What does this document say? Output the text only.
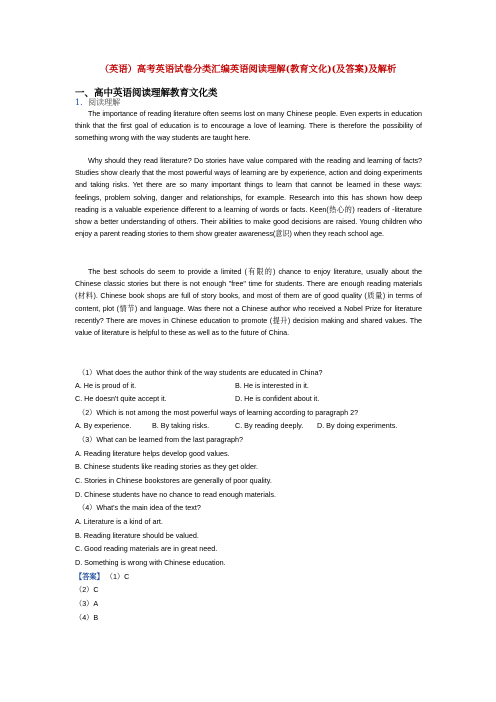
（英语）高考英语试卷分类汇编英语阅读理解(教育文化)(及答案)及解析
一、高中英语阅读理解教育文化类
1．阅读理解

The importance of reading literature often seems lost on many Chinese people. Even experts in education think that the first goal of education is to encourage a love of learning. There is therefore the possibility of something wrong with the way students are taught here.

Why should they read literature? Do stories have value compared with the reading and learning of facts? Studies show clearly that the most powerful ways of learning are by experience, action and doing experiments and taking risks. Yet there are so many important things to learn that cannot be learned in these ways: feelings, problem solving, danger and relationships, for example. Research into this has shown how deep reading is a valuable experience different to a learning of words or facts. Keen(热心的) readers of -literature show a better understanding of others. Their abilities to make good decisions are raised. Young children who enjoy a parent reading stories to them show greater awareness(意识) when they reach school age.

The best schools do seem to provide a limited (有限的) chance to enjoy literature, usually about the Chinese classic stories but there is not enough "free" time for students. There are enough reading materials (材料). Chinese book shops are full of story books, and most of them are of good quality (质量) in terms of content, plot (情节) and language. Was there not a Chinese author who received a Nobel Prize for literature recently? There are moves in Chinese education to promote (提升) decision making and shared values. The value of literature is helpful to these as well as to the future of China.

（1）What does the author think of the way students are educated in China?
A. He is proud of it.	B. He is interested in it.
C. He doesn't quite accept it.	D. He is confident about it.
（2）Which is not among the most powerful ways of learning according to paragraph 2?
A. By experience.	B. By taking risks.	C. By reading deeply. D. By doing experiments.
（3）What can be learned from the last paragraph?
A. Reading literature helps develop good values.
B. Chinese students like reading stories as they get older.
C. Stories in Chinese bookstores are generally of poor quality.
D. Chinese students have no chance to read enough materials.
（4）What's the main idea of the text?
A. Literature is a kind of art.
B. Reading literature should be valued.
C. Good reading materials are in great need.
D. Something is wrong with Chinese education.
【答案】 （1）C
（2）C
（3）A
（4）B
